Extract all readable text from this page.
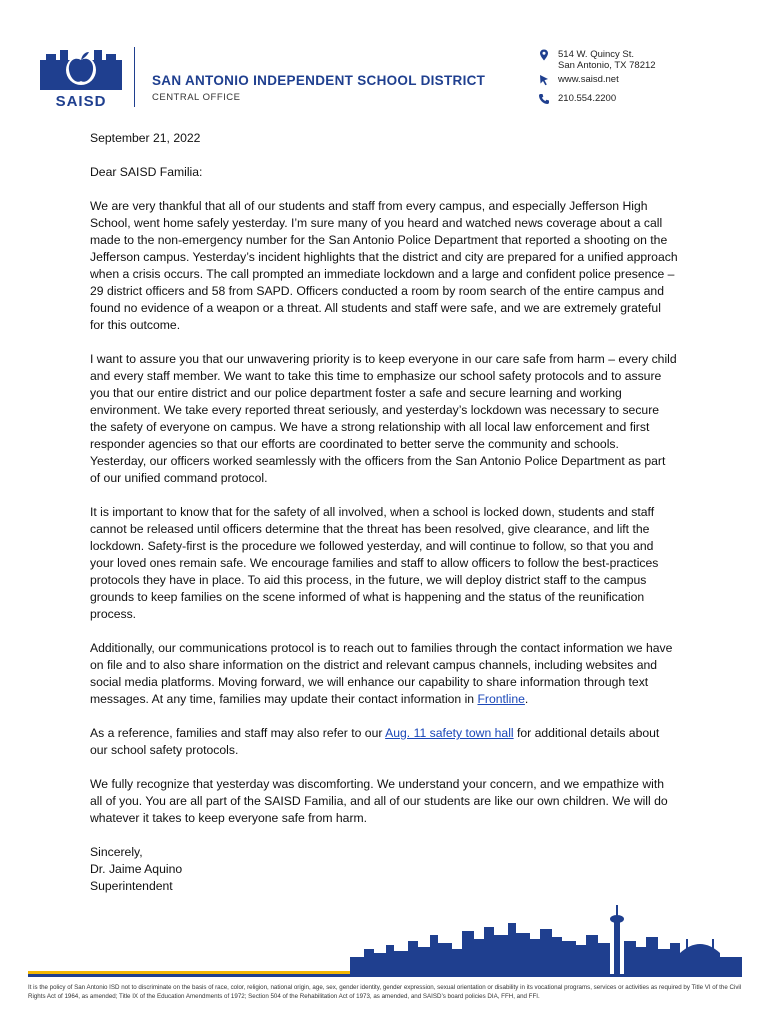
SAISD
SAN ANTONIO INDEPENDENT SCHOOL DISTRICT
CENTRAL OFFICE
514 W. Quincy St.
San Antonio, TX 78212
www.saisd.net
210.554.2200

September 21, 2022

Dear SAISD Familia:

We are very thankful that all of our students and staff from every campus, and especially Jefferson High School, went home safely yesterday. I’m sure many of you heard and watched news coverage about a call made to the non-emergency number for the San Antonio Police Department that reported a shooting on the Jefferson campus. Yesterday’s incident highlights that the district and city are prepared for a unified approach when a crisis occurs. The call prompted an immediate lockdown and a large and confident police presence – 29 district officers and 58 from SAPD. Officers conducted a room by room search of the entire campus and found no evidence of a weapon or a threat. All students and staff were safe, and we are extremely grateful for this outcome.

I want to assure you that our unwavering priority is to keep everyone in our care safe from harm – every child and every staff member. We want to take this time to emphasize our school safety protocols and to assure you that our entire district and our police department foster a safe and secure learning and working environment. We take every reported threat seriously, and yesterday’s lockdown was necessary to secure the safety of everyone on campus. We have a strong relationship with all local law enforcement and first responder agencies so that our efforts are coordinated to better serve the community and schools. Yesterday, our officers worked seamlessly with the officers from the San Antonio Police Department as part of our unified command protocol.

It is important to know that for the safety of all involved, when a school is locked down, students and staff cannot be released until officers determine that the threat has been resolved, give clearance, and lift the lockdown. Safety-first is the procedure we followed yesterday, and will continue to follow, so that you and your loved ones remain safe. We encourage families and staff to allow officers to follow the best-practices protocols they have in place. To aid this process, in the future, we will deploy district staff to the campus grounds to keep families on the scene informed of what is happening and the status of the reunification process.

Additionally, our communications protocol is to reach out to families through the contact information we have on file and to also share information on the district and relevant campus channels, including websites and social media platforms. Moving forward, we will enhance our capability to share information through text messages. At any time, families may update their contact information in Frontline.

As a reference, families and staff may also refer to our Aug. 11 safety town hall for additional details about our school safety protocols.

We fully recognize that yesterday was discomforting. We understand your concern, and we empathize with all of you. You are all part of the SAISD Familia, and all of our students are like our own children. We will do whatever it takes to keep everyone safe from harm.

Sincerely,

Dr. Jaime Aquino

Superintendent

It is the policy of San Antonio ISD not to discriminate on the basis of race, color, religion, national origin, age, sex, gender identity, gender expression, sexual orientation or disability in its vocational programs, services or activities as required by Title VI of the Civil Rights Act of 1964, as amended; Title IX of the Education Amendments of 1972; Section 504 of the Rehabilitation Act of 1973, as amended, and SAISD’s board policies DIA, FFH, and FFI.
